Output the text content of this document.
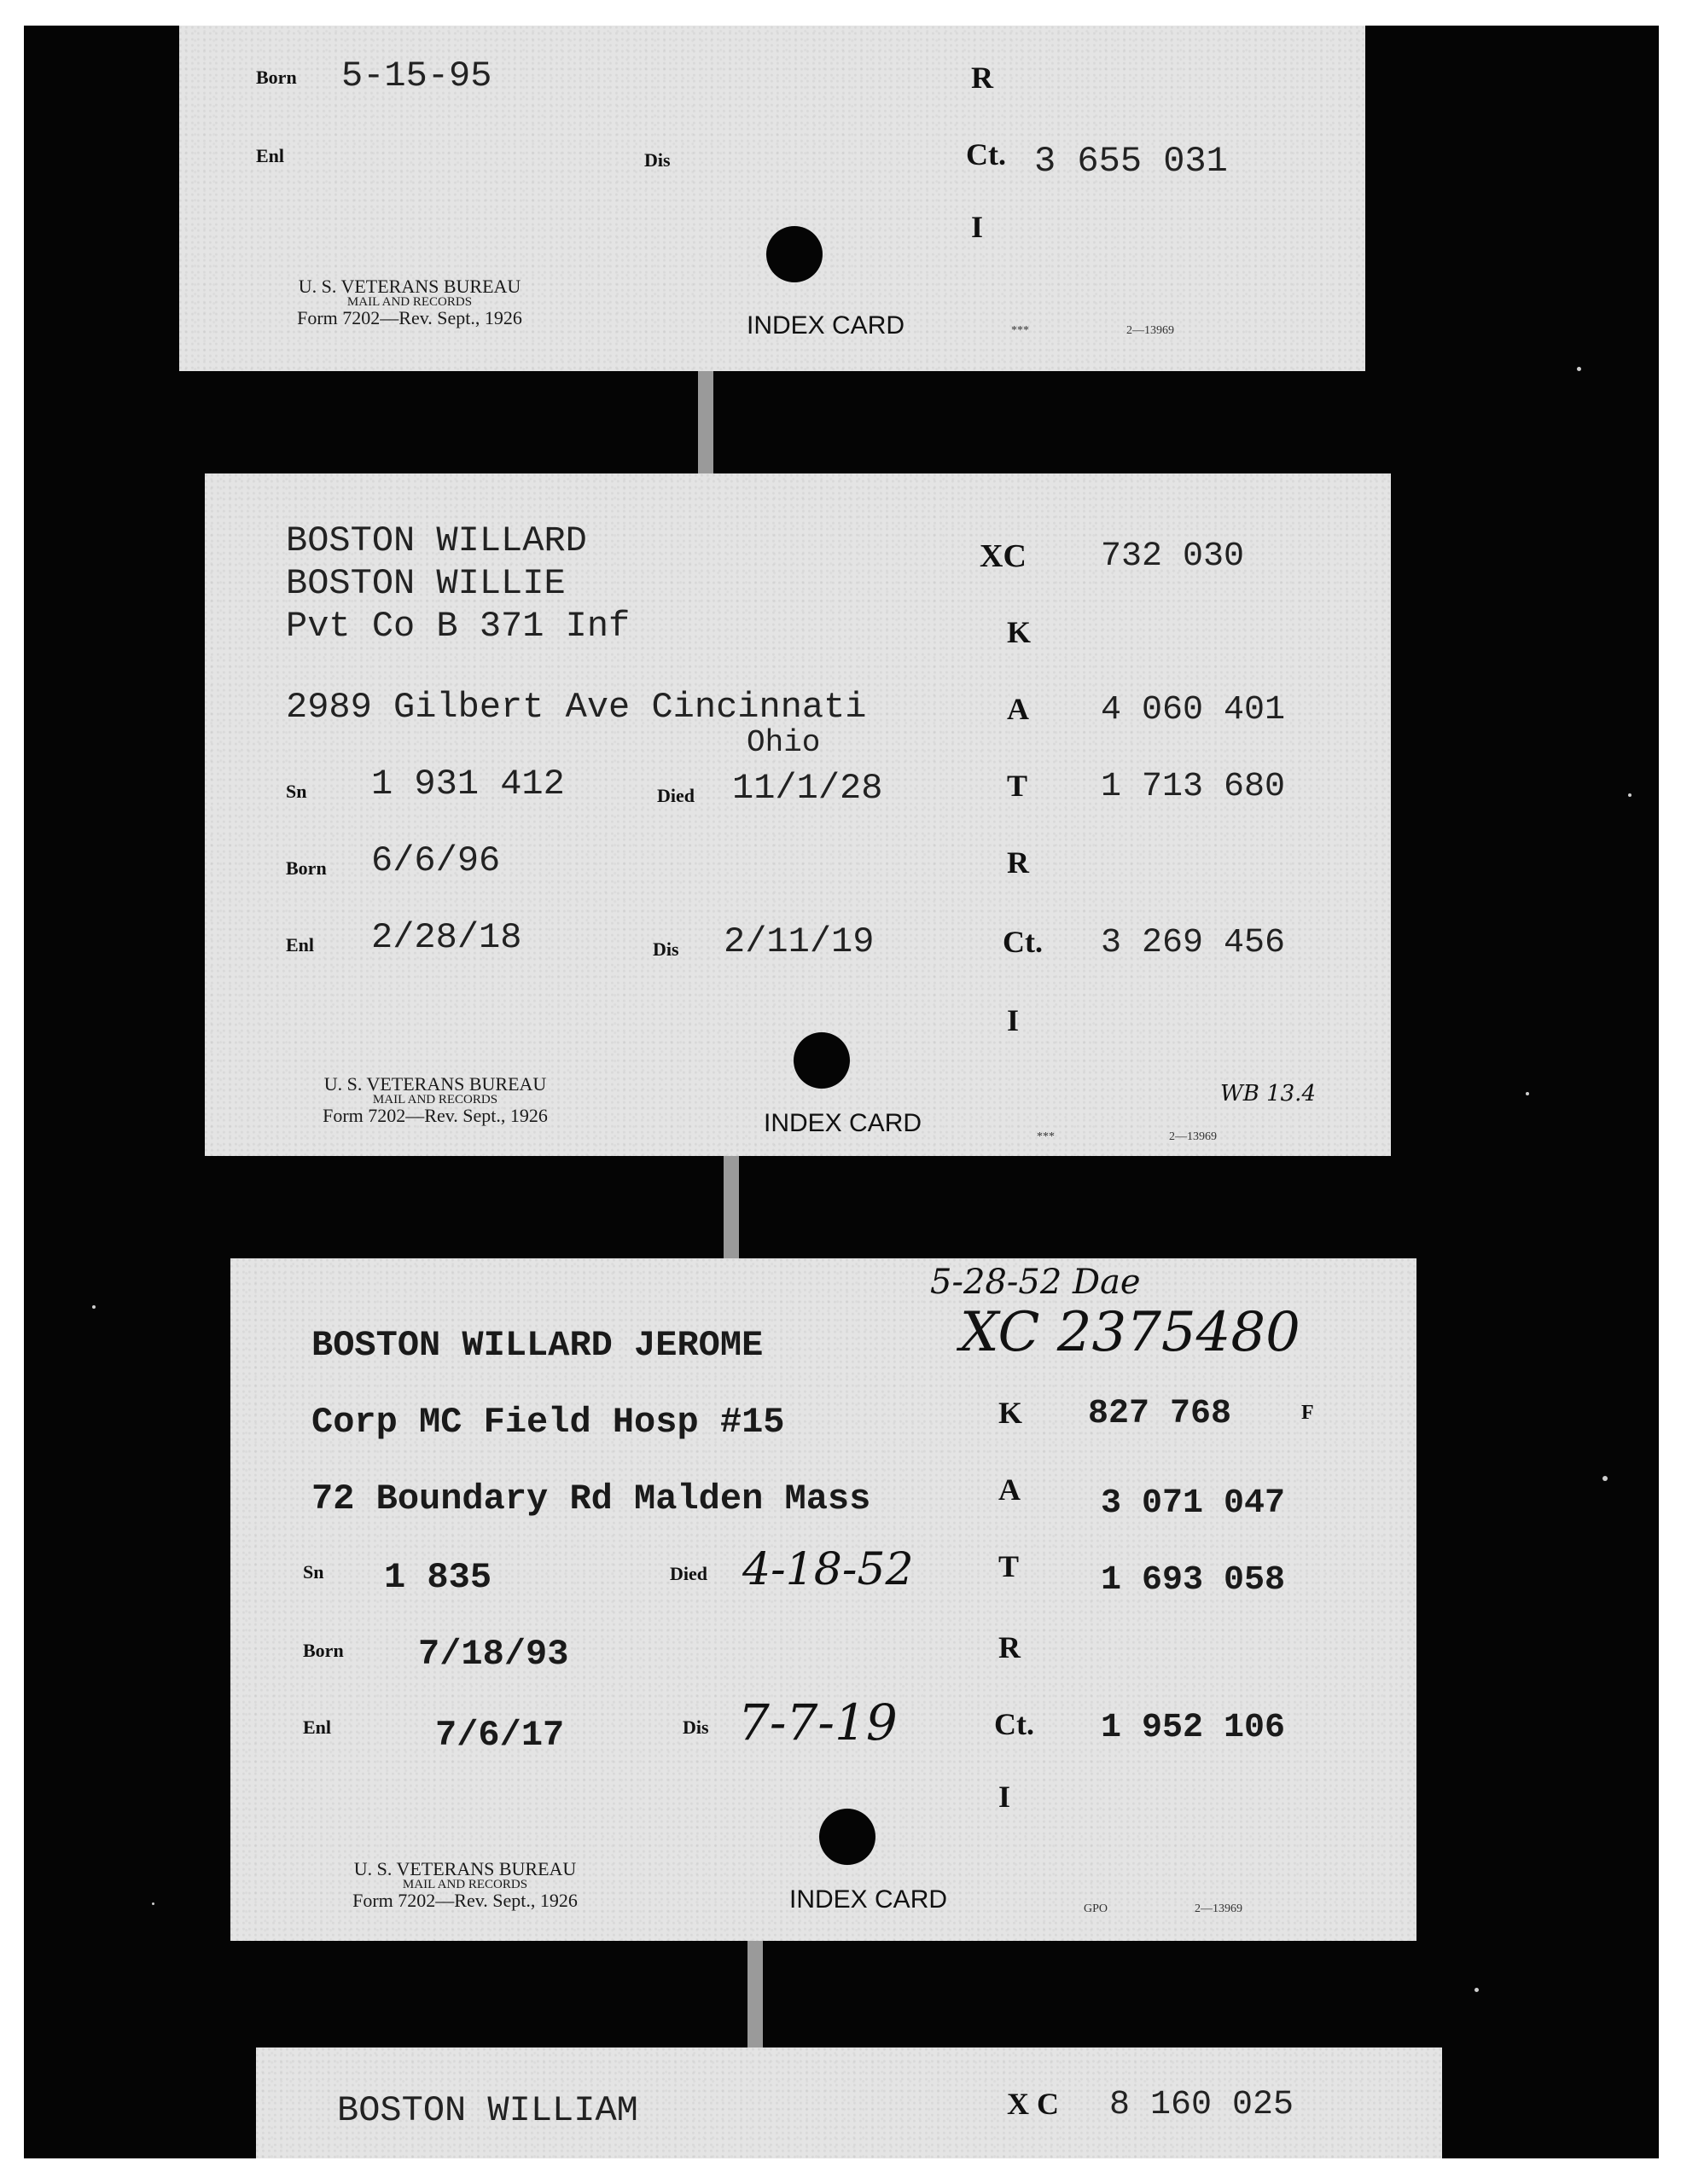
Born 5-15-95
Enl	Dis
R
Ct. 3 655 031
I
U. S. VETERANS BUREAU
MAIL AND RECORDS
Form 7202—Rev. Sept., 1926	INDEX CARD	***	2—13969
BOSTON WILLARD
BOSTON WILLIE
Pvt Co B 371 Inf
2989 Gilbert Ave Cincinnati
Ohio
Sn 1 931 412	Died 11/1/28
Born 6/6/96
Enl 2/28/18	Dis 2/11/19
XC 732 030
K
A 4 060 401
T 1 713 680
R
Ct. 3 269 456
I
U. S. VETERANS BUREAU
MAIL AND RECORDS
Form 7202—Rev. Sept., 1926	INDEX CARD
WB 13.4
***	2—13969
BOSTON WILLARD JEROME
Corp MC Field Hosp #15
72 Boundary Rd Malden Mass
Sn 1 835	Died 4-18-52
Born 7/18/93
Enl	7/6/17	Dis 7-7-19
5-28-52 Dae
XC 2375480
K 827 768	F
A 3 071 047
T 1 693 058
R
Ct. 1 952 106
I
U. S. VETERANS BUREAU
MAIL AND RECORDS
Form 7202—Rev. Sept., 1926	INDEX CARD	GPO	2—13969
BOSTON WILLIAM	X C 8 160 025
